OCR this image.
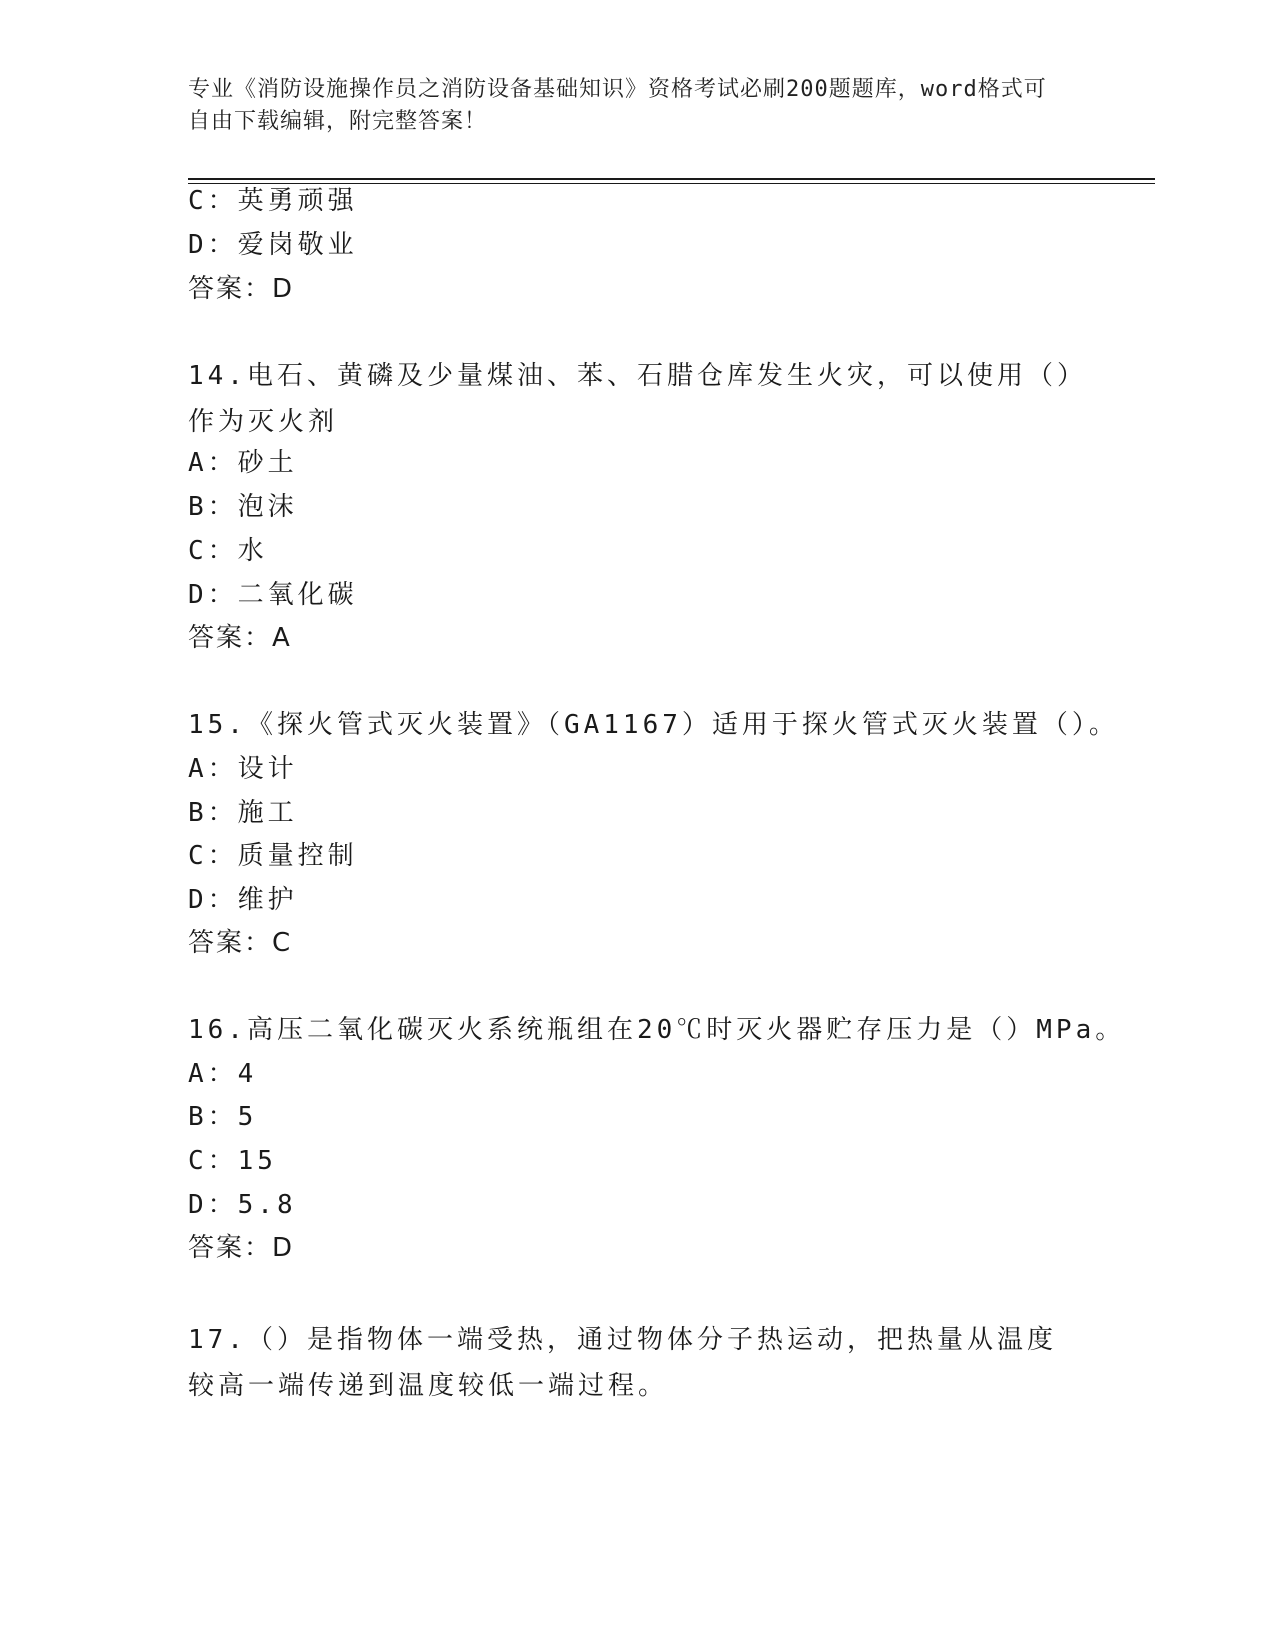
专业《消防设施操作员之消防设备基础知识》资格考试必刷200题题库，word格式可自由下载编辑，附完整答案！
C：英勇顽强
D：爱岗敬业
答案：D
14.电石、黄磷及少量煤油、苯、石腊仓库发生火灾，可以使用（）作为灭火剂
A：砂土
B：泡沫
C：水
D：二氧化碳
答案：A
15.《探火管式灭火装置》（GA1167）适用于探火管式灭火装置（）。
A：设计
B：施工
C：质量控制
D：维护
答案：C
16.高压二氧化碳灭火系统瓶组在20℃时灭火器贮存压力是（）MPa。
A：4
B：5
C：15
D：5.8
答案：D
17.（）是指物体一端受热，通过物体分子热运动，把热量从温度较高一端传递到温度较低一端过程。
